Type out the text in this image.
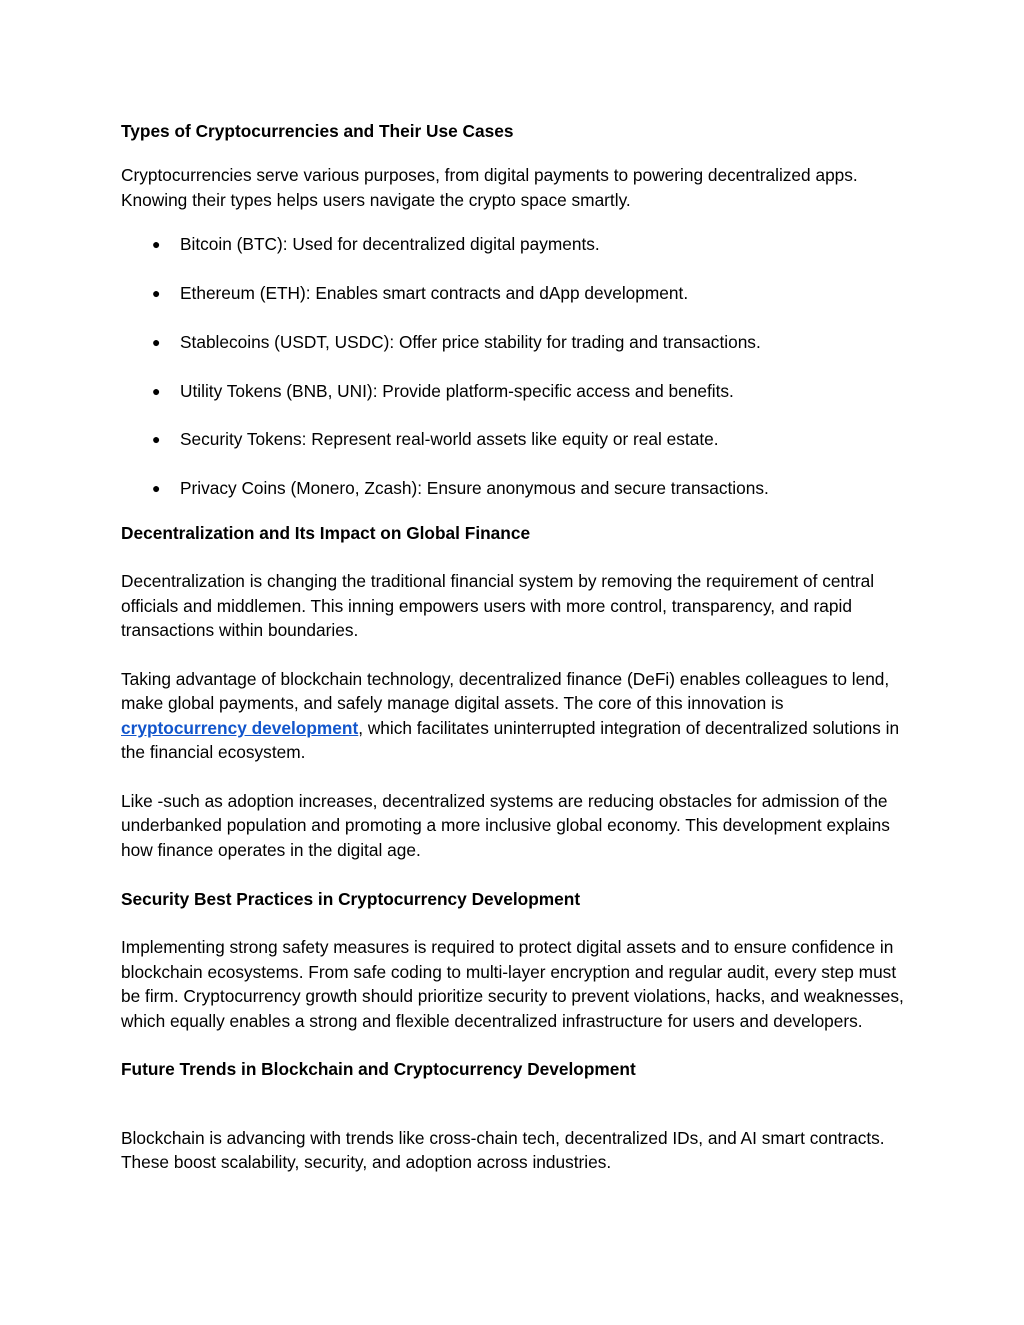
Types of Cryptocurrencies and Their Use Cases

Cryptocurrencies serve various purposes, from digital payments to powering decentralized apps. Knowing their types helps users navigate the crypto space smartly.

● Bitcoin (BTC): Used for decentralized digital payments.
● Ethereum (ETH): Enables smart contracts and dApp development.
● Stablecoins (USDT, USDC): Offer price stability for trading and transactions.
● Utility Tokens (BNB, UNI): Provide platform-specific access and benefits.
● Security Tokens: Represent real-world assets like equity or real estate.
● Privacy Coins (Monero, Zcash): Ensure anonymous and secure transactions.

Decentralization and Its Impact on Global Finance

Decentralization is changing the traditional financial system by removing the requirement of central officials and middlemen. This inning empowers users with more control, transparency, and rapid transactions within boundaries.

Taking advantage of blockchain technology, decentralized finance (DeFi) enables colleagues to lend, make global payments, and safely manage digital assets. The core of this innovation is cryptocurrency development, which facilitates uninterrupted integration of decentralized solutions in the financial ecosystem.

Like -such as adoption increases, decentralized systems are reducing obstacles for admission of the underbanked population and promoting a more inclusive global economy. This development explains how finance operates in the digital age.

Security Best Practices in Cryptocurrency Development

Implementing strong safety measures is required to protect digital assets and to ensure confidence in blockchain ecosystems. From safe coding to multi-layer encryption and regular audit, every step must be firm. Cryptocurrency growth should prioritize security to prevent violations, hacks, and weaknesses, which equally enables a strong and flexible decentralized infrastructure for users and developers.

Future Trends in Blockchain and Cryptocurrency Development

Blockchain is advancing with trends like cross-chain tech, decentralized IDs, and AI smart contracts. These boost scalability, security, and adoption across industries.
